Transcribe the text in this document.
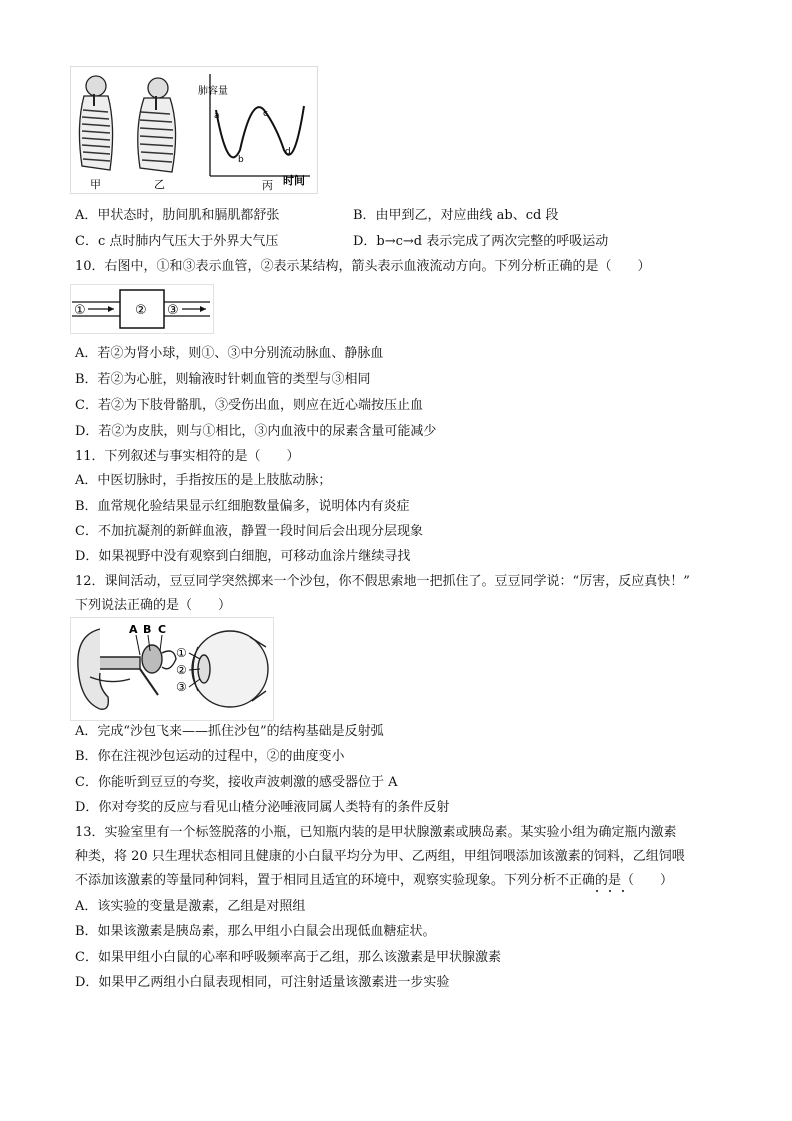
甲	乙
肺容量
a
b
c
d
丙 时间
A．甲状态时，肋间肌和膈肌都舒张	B．由甲到乙，对应曲线 ab、cd 段
C．c 点时肺内气压大于外界大气压	D．b→c→d 表示完成了两次完整的呼吸运动
10．右图中，①和③表示血管，②表示某结构，箭头表示血液流动方向。下列分析正确的是（　　）
①	② ③
A．若②为肾小球，则①、③中分别流动脉血、静脉血
B．若②为心脏，则输液时针刺血管的类型与③相同
C．若②为下肢骨骼肌，③受伤出血，则应在近心端按压止血
D．若②为皮肤，则与①相比，③内血液中的尿素含量可能减少
11．下列叙述与事实相符的是（　　）
A．中医切脉时，手指按压的是上肢肱动脉；
B．血常规化验结果显示红细胞数量偏多，说明体内有炎症
C．不加抗凝剂的新鲜血液，静置一段时间后会出现分层现象
D．如果视野中没有观察到白细胞，可移动血涂片继续寻找
12．课间活动，豆豆同学突然掷来一个沙包，你不假思索地一把抓住了。豆豆同学说：“厉害，反应真快！”
下列说法正确的是（　　）
A B C
①
②
③
A．完成“沙包飞来——抓住沙包”的结构基础是反射弧
B．你在注视沙包运动的过程中，②的曲度变小
C．你能听到豆豆的夸奖，接收声波刺激的感受器位于 A
D．你对夸奖的反应与看见山楂分泌唾液同属人类特有的条件反射
13．实验室里有一个标签脱落的小瓶，已知瓶内装的是甲状腺激素或胰岛素。某实验小组为确定瓶内激素
种类，将 20 只生理状态相同且健康的小白鼠平均分为甲、乙两组，甲组饲喂添加该激素的饲料，乙组饲喂
不添加该激素的等量同种饲料，置于相同且适宜的环境中，观察实验现象。下列分析不正确的是（　　）
A．该实验的变量是激素，乙组是对照组
B．如果该激素是胰岛素，那么甲组小白鼠会出现低血糖症状。
C．如果甲组小白鼠的心率和呼吸频率高于乙组，那么该激素是甲状腺激素
D．如果甲乙两组小白鼠表现相同，可注射适量该激素进一步实验
